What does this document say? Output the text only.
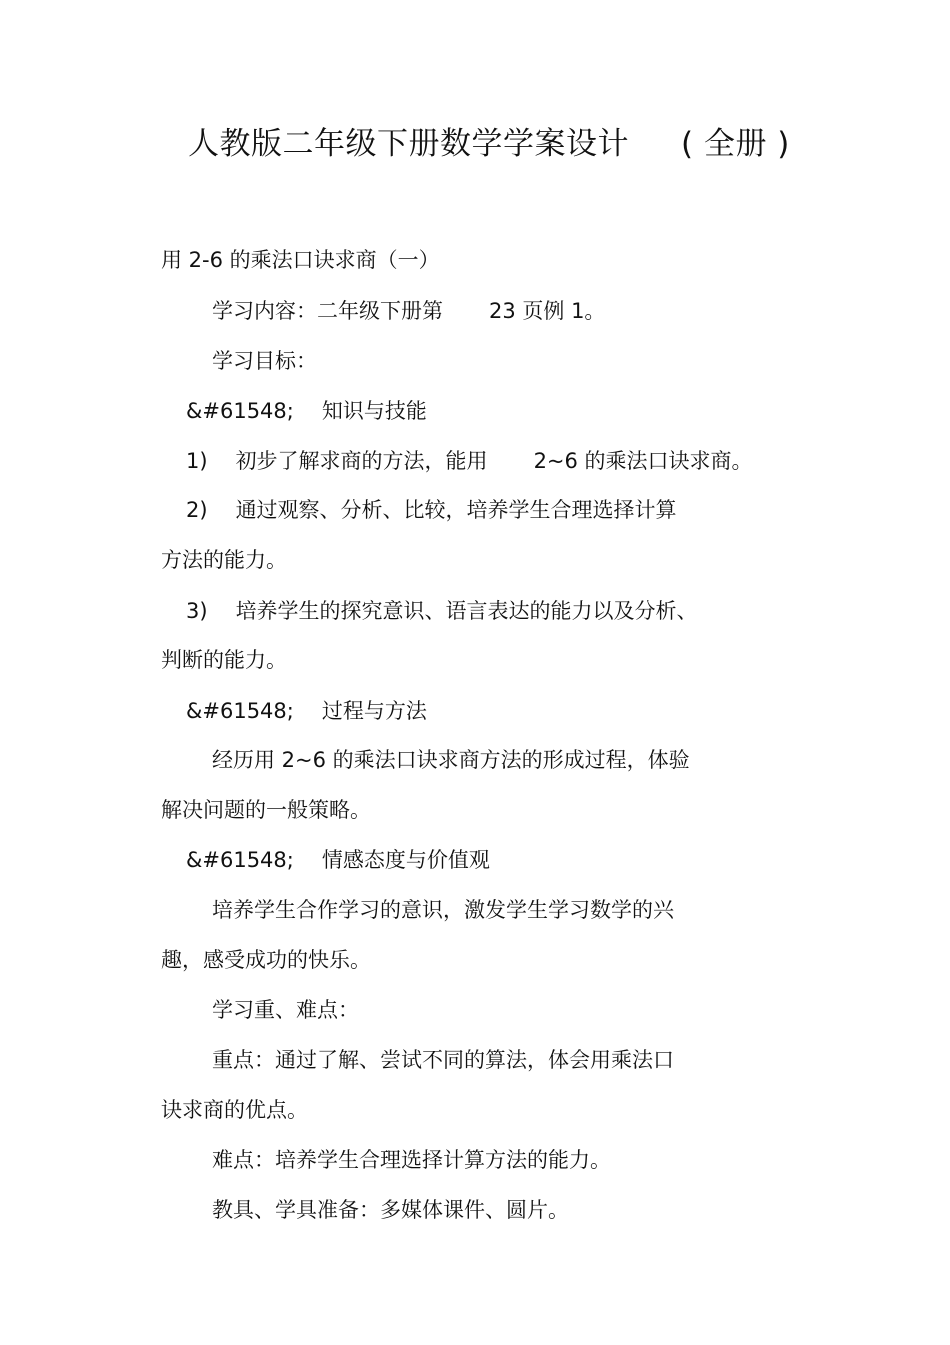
人教版二年级下册数学学案设计 ( 全册 )
用 2-6 的乘法口诀求商（一）
学习内容：二年级下册第 23 页例 1。
学习目标：
&#61548; 知识与技能
1) 初步了解求商的方法，能用 2~6 的乘法口诀求商。
2) 通过观察、分析、比较，培养学生合理选择计算
方法的能力。
3) 培养学生的探究意识、语言表达的能力以及分析、
判断的能力。
&#61548; 过程与方法
经历用 2~6 的乘法口诀求商方法的形成过程，体验
解决问题的一般策略。
&#61548; 情感态度与价值观
培养学生合作学习的意识，激发学生学习数学的兴
趣，感受成功的快乐。
学习重、难点：
重点：通过了解、尝试不同的算法，体会用乘法口
诀求商的优点。
难点：培养学生合理选择计算方法的能力。
教具、学具准备：多媒体课件、圆片。
